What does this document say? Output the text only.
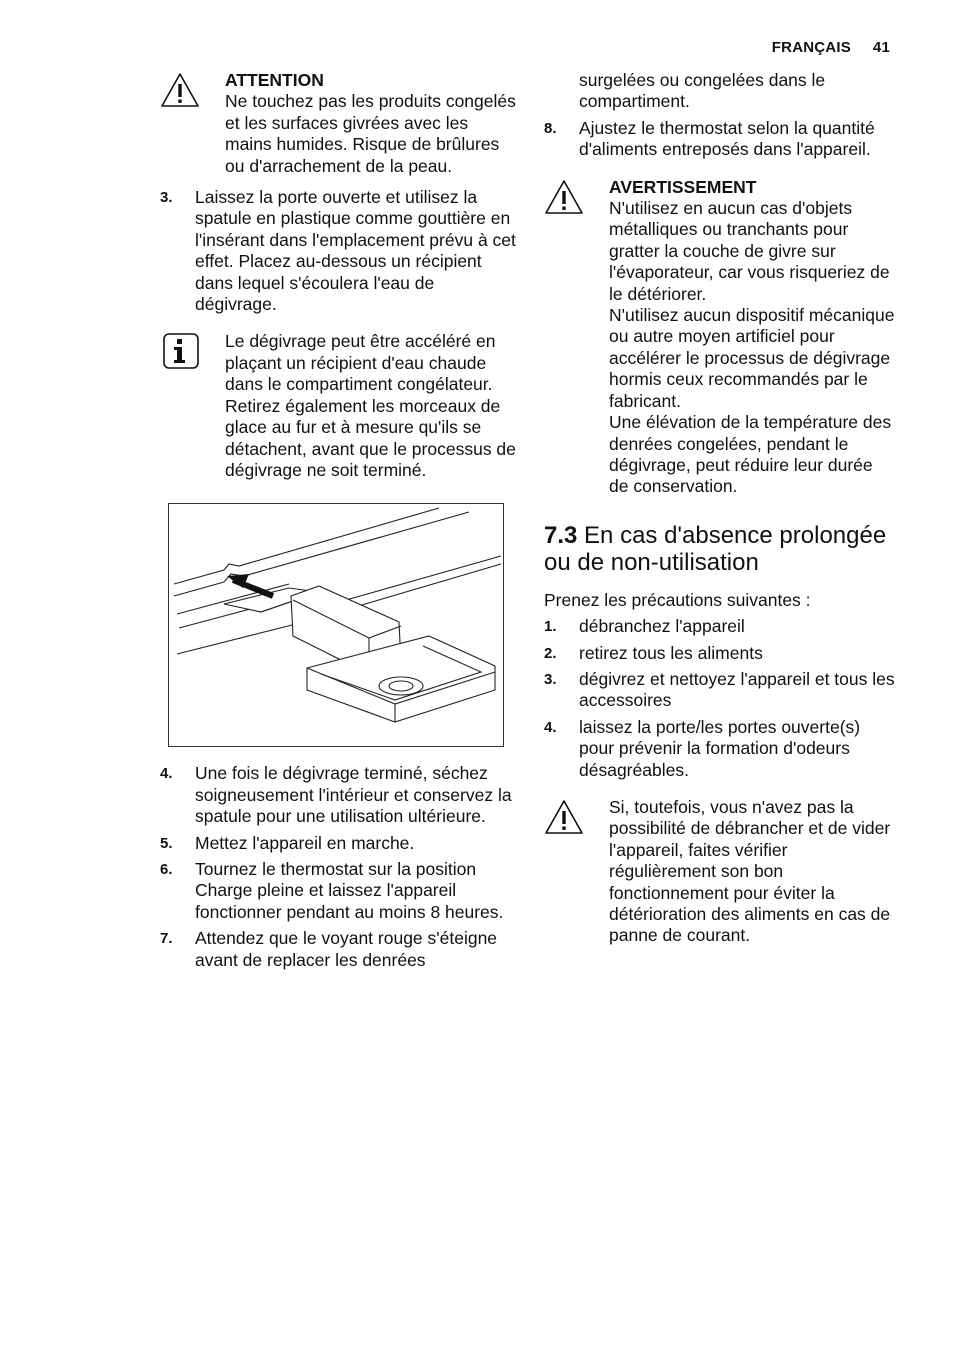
FRANÇAIS 41
ATTENTION

Ne touchez pas les produits congelés et les surfaces givrées avec les mains humides. Risque de brûlures ou d'arrachement de la peau.

3. Laissez la porte ouverte et utilisez la spatule en plastique comme gouttière en l'insérant dans l'emplacement prévu à cet effet. Placez au-dessous un récipient dans lequel s'écoulera l'eau de dégivrage.

Le dégivrage peut être accéléré en plaçant un récipient d'eau chaude dans le compartiment congélateur. Retirez également les morceaux de glace au fur et à mesure qu'ils se détachent, avant que le processus de dégivrage ne soit terminé.

4. Une fois le dégivrage terminé, séchez soigneusement l'intérieur et conservez la spatule pour une utilisation ultérieure.
5. Mettez l'appareil en marche.
6. Tournez le thermostat sur la position Charge pleine et laissez l'appareil fonctionner pendant au moins 8 heures.
7. Attendez que le voyant rouge s'éteigne avant de replacer les denrées
surgelées ou congelées dans le compartiment.
8. Ajustez le thermostat selon la quantité d'aliments entreposés dans l'appareil.
AVERTISSEMENT

N'utilisez en aucun cas d'objets métalliques ou tranchants pour gratter la couche de givre sur l'évaporateur, car vous risqueriez de le détériorer.

N'utilisez aucun dispositif mécanique ou autre moyen artificiel pour accélérer le processus de dégivrage hormis ceux recommandés par le fabricant.

Une élévation de la température des denrées congelées, pendant le dégivrage, peut réduire leur durée de conservation.

7.3 En cas d'absence prolongée ou de non-utilisation

Prenez les précautions suivantes :

1. débranchez l'appareil
2. retirez tous les aliments
3. dégivrez et nettoyez l'appareil et tous les accessoires
4. laissez la porte/les portes ouverte(s) pour prévenir la formation d'odeurs désagréables.

Si, toutefois, vous n'avez pas la possibilité de débrancher et de vider l'appareil, faites vérifier régulièrement son bon fonctionnement pour éviter la détérioration des aliments en cas de panne de courant.
